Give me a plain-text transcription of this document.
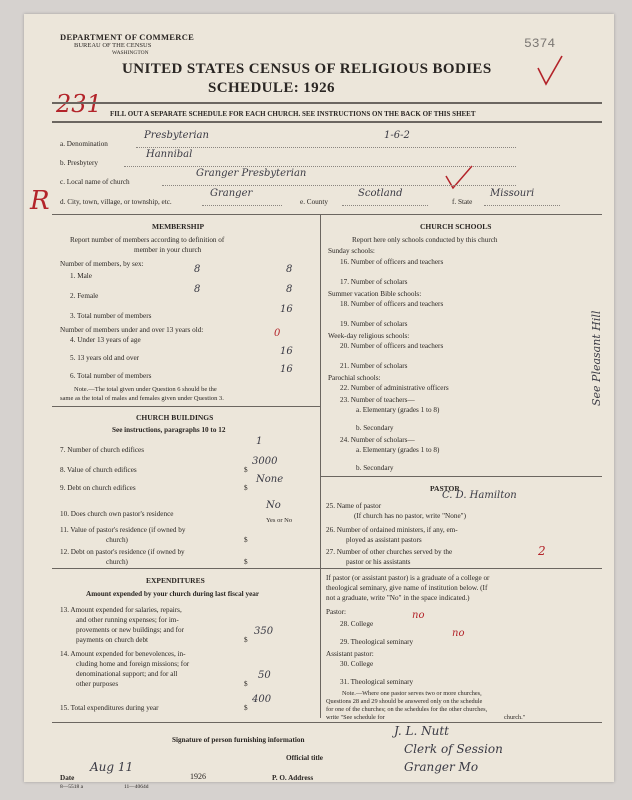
DEPARTMENT OF COMMERCE
BUREAU OF THE CENSUS
WASHINGTON
5374
UNITED STATES CENSUS OF RELIGIOUS BODIES
SCHEDULE: 1926
231 FILL OUT A SEPARATE SCHEDULE FOR EACH CHURCH. SEE INSTRUCTIONS ON THE BACK OF THIS SHEET
a. Denomination
Presbyterian	1-6-2
b. Presbytery
Hannibal
c. Local name of church
Granger Presbyterian
R d. City, town, village, or township, etc.
Granger
e. County
Scotland
f. State
Missouri
MEMBERSHIP
Report number of members according to definition of
member in your church
Number of members, by sex:
1. Male
8	8
2. Female
8	8
3. Total number of members
16
Number of members under and over 13 years old:
4. Under 13 years of age
0
5. 13 years old and over
16
6. Total number of members
16
Note.—The total given under Question 6 should be the
same as the total of males and females given under Question 3.
CHURCH BUILDINGS
See instructions, paragraphs 10 to 12
7. Number of church edifices
1
8. Value of church edifices	$
3000
9. Debt on church edifices	$
None
10. Does church own pastor's residence
No
Yes or No
11. Value of pastor's residence (if owned by
church)	$
12. Debt on pastor's residence (if owned by
church)	$
EXPENDITURES
Amount expended by your church during last fiscal year
13. Amount expended for salaries, repairs,
and other running expenses; for im-
provements or new buildings; and for
payments on church debt	$
350
14. Amount expended for benevolences, in-
cluding home and foreign missions; for
denominational support; and for all
other purposes	$
50
15. Total expenditures during year	$
400
CHURCH SCHOOLS
Report here only schools conducted by this church
Sunday schools:
16. Number of officers and teachers
17. Number of scholars
Summer vacation Bible schools:
18. Number of officers and teachers
19. Number of scholars
Week-day religious schools:
20. Number of officers and teachers
21. Number of scholars
Parochial schools:
22. Number of administrative officers
23. Number of teachers—
a. Elementary (grades 1 to 8)
b. Secondary
24. Number of scholars—
a. Elementary (grades 1 to 8)
b. Secondary
See Pleasant Hill
PASTOR
25. Name of pastor
C. D. Hamilton
(If church has no pastor, write "None")
26. Number of ordained ministers, if any, em-
ployed as assistant pastors
27. Number of other churches served by the
pastor or his assistants
2
If pastor (or assistant pastor) is a graduate of a college or
theological seminary, give name of institution below. (If
not a graduate, write "No" in the space indicated.)
Pastor:
28. College
no
29. Theological seminary
no
Assistant pastor:
30. College
31. Theological seminary
Note.—Where one pastor serves two or more churches,
Questions 28 and 29 should be answered only on the schedule
for one of the churches; on the schedules for the other churches,
write "See schedule for	church."
Signature of person furnishing information
J. L. Nutt
Official title
Clerk of Session
Date
Aug 11
1926	P. O. Address
Granger Mo
8—5518 a	11—4064d
